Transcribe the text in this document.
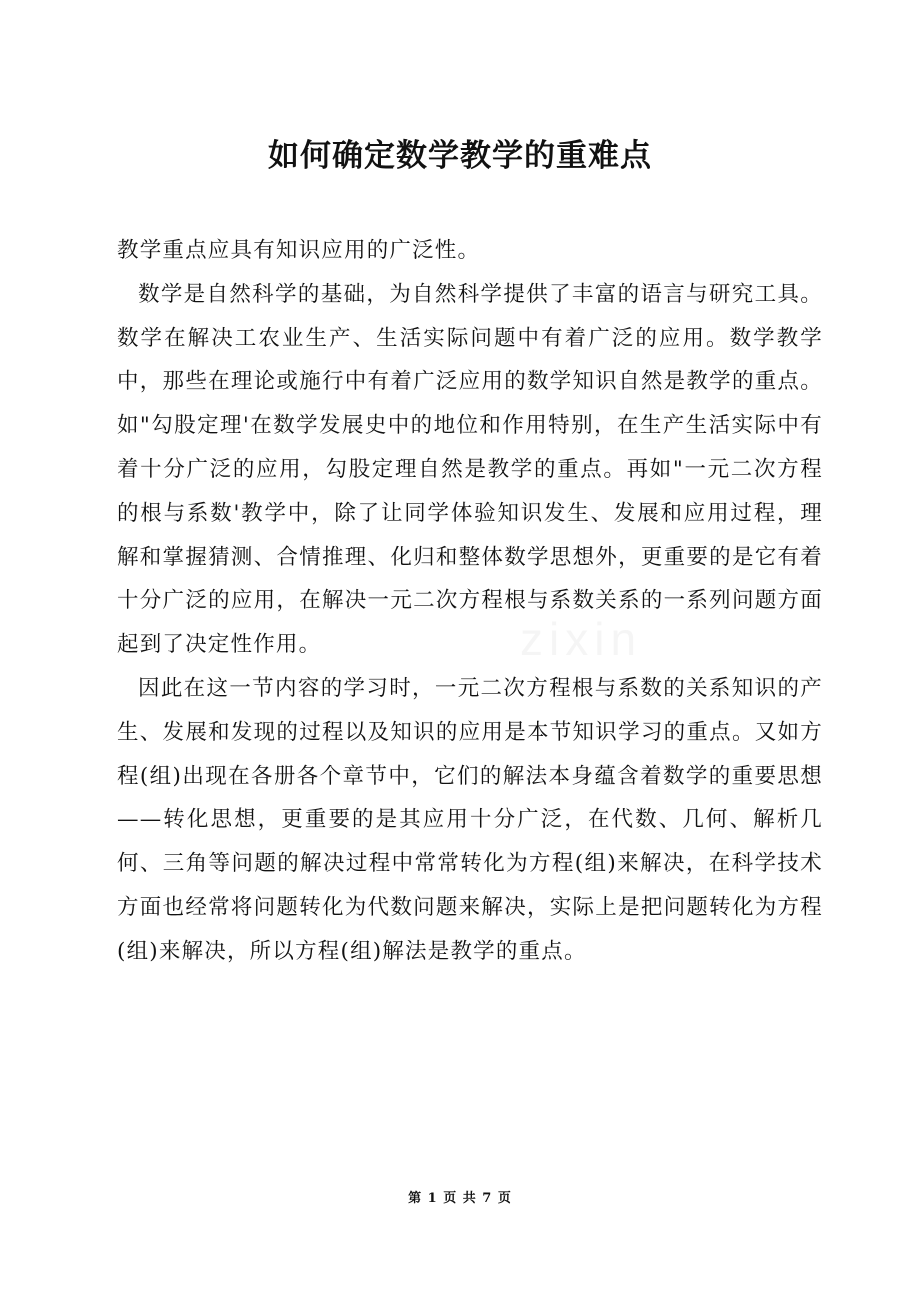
如何确定数学教学的重难点

教学重点应具有知识应用的广泛性。

数学是自然科学的基础，为自然科学提供了丰富的语言与研究工具。数学在解决工农业生产、生活实际问题中有着广泛的应用。数学教学中，那些在理论或施行中有着广泛应用的数学知识自然是教学的重点。如"勾股定理'在数学发展史中的地位和作用特别，在生产生活实际中有着十分广泛的应用，勾股定理自然是教学的重点。再如"一元二次方程的根与系数'教学中，除了让同学体验知识发生、发展和应用过程，理解和掌握猜测、合情推理、化归和整体数学思想外，更重要的是它有着十分广泛的应用，在解决一元二次方程根与系数关系的一系列问题方面起到了决定性作用。

因此在这一节内容的学习时，一元二次方程根与系数的关系知识的产生、发展和发现的过程以及知识的应用是本节知识学习的重点。又如方程(组)出现在各册各个章节中，它们的解法本身蕴含着数学的重要思想——转化思想，更重要的是其应用十分广泛，在代数、几何、解析几何、三角等问题的解决过程中常常转化为方程(组)来解决，在科学技术方面也经常将问题转化为代数问题来解决，实际上是把问题转化为方程(组)来解决，所以方程(组)解法是教学的重点。

zixin
第 1 页 共 7 页
